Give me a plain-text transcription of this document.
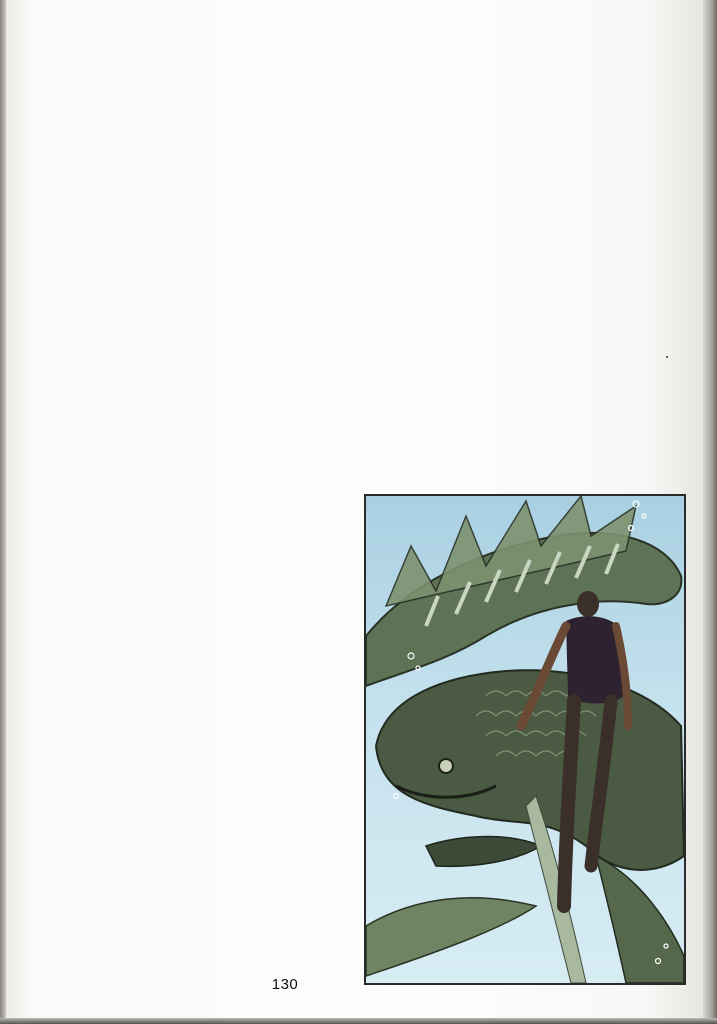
130
